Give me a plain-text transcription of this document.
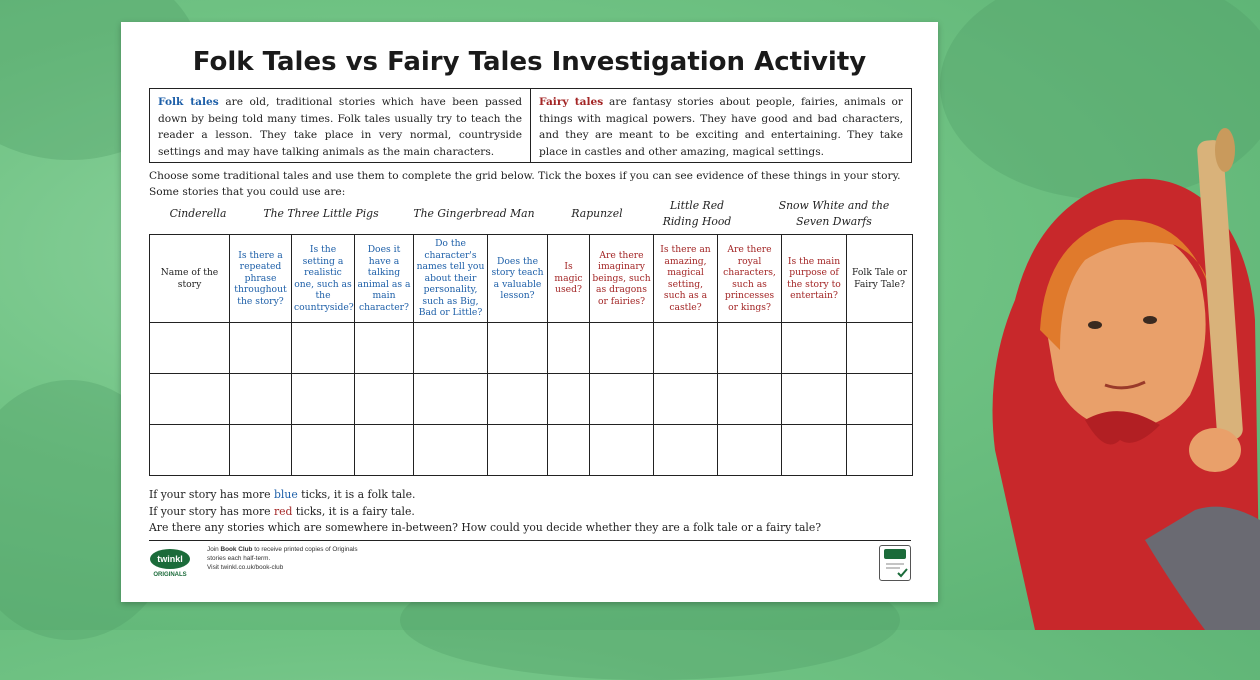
Folk Tales vs Fairy Tales Investigation Activity
Folk tales are old, traditional stories which have been passed down by being told many times. Folk tales usually try to teach the reader a lesson. They take place in very normal, countryside settings and may have talking animals as the main characters.
Fairy tales are fantasy stories about people, fairies, animals or things with magical powers. They have good and bad characters, and they are meant to be exciting and entertaining. They take place in castles and other amazing, magical settings.
Choose some traditional tales and use them to complete the grid below. Tick the boxes if you can see evidence of these things in your story.
Some stories that you could use are:
Cinderella	The Three Little Pigs	The Gingerbread Man	Rapunzel
Little Red Riding Hood
Snow White and the Seven Dwarfs
Name of the story	Is there a repeated phrase throughout the story?	Is the setting a realistic one, such as the countryside?	Does it have a talking animal as a main character?	Do the character's names tell you about their personality, such as Big, Bad or Little?	Does the story teach a valuable lesson?	Is magic used?	Are there imaginary beings, such as dragons or fairies?	Is there an amazing, magical setting, such as a castle?	Are there royal characters, such as princesses or kings?	Is the main purpose of the story to entertain?	Folk Tale or Fairy Tale?

If your story has more blue ticks, it is a folk tale.
If your story has more red ticks, it is a fairy tale.
Are there any stories which are somewhere in-between? How could you decide whether they are a folk tale or a fairy tale?
twinkl
ORIGINALS
Join Book Club to receive printed copies of Originals stories each half-term.
Visit twinkl.co.uk/book-club
